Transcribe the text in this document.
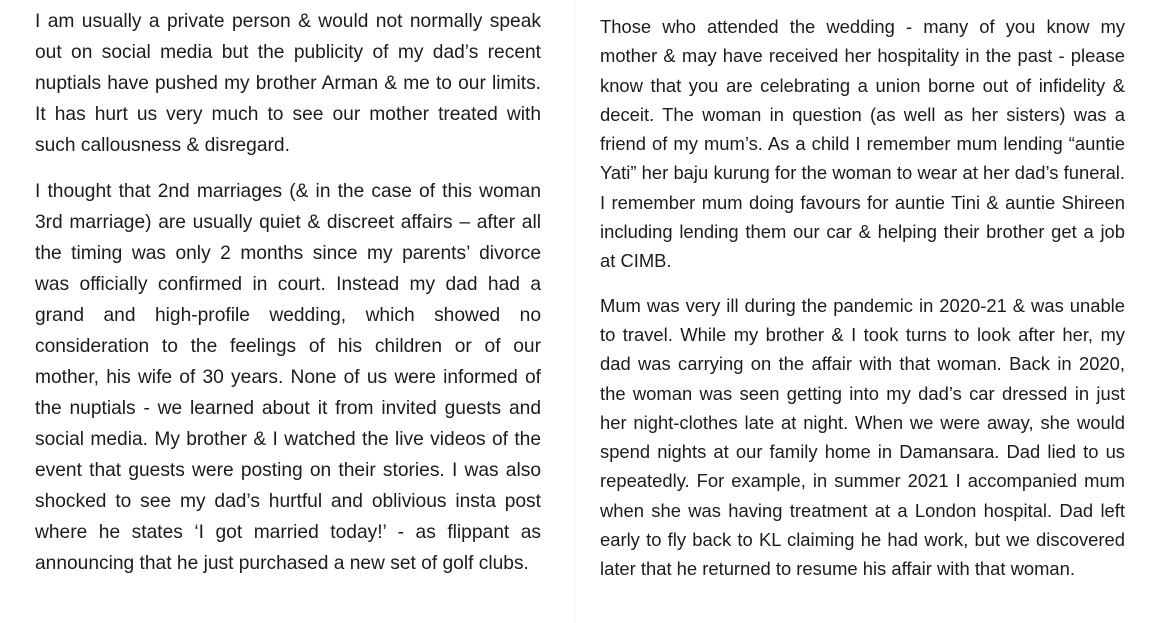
I am usually a private person & would not normally speak out on social media but the publicity of my dad’s recent nuptials have pushed my brother Arman & me to our limits. It has hurt us very much to see our mother treated with such callousness & disregard.

I thought that 2nd marriages (& in the case of this woman 3rd marriage) are usually quiet & discreet affairs – after all the timing was only 2 months since my parents’ divorce was officially confirmed in court. Instead my dad had a grand and high-profile wedding, which showed no consideration to the feelings of his children or of our mother, his wife of 30 years. None of us were informed of the nuptials - we learned about it from invited guests and social media. My brother & I watched the live videos of the event that guests were posting on their stories. I was also shocked to see my dad’s hurtful and oblivious insta post where he states ‘I got married today!’ - as flippant as announcing that he just purchased a new set of golf clubs.

Those who attended the wedding - many of you know my mother & may have received her hospitality in the past - please know that you are celebrating a union borne out of infidelity & deceit. The woman in question (as well as her sisters) was a friend of my mum’s. As a child I remember mum lending “auntie Yati” her baju kurung for the woman to wear at her dad’s funeral. I remember mum doing favours for auntie Tini & auntie Shireen including lending them our car & helping their brother get a job at CIMB.

Mum was very ill during the pandemic in 2020-21 & was unable to travel. While my brother & I took turns to look after her, my dad was carrying on the affair with that woman. Back in 2020, the woman was seen getting into my dad’s car dressed in just her night-clothes late at night. When we were away, she would spend nights at our family home in Damansara. Dad lied to us repeatedly. For example, in summer 2021 I accompanied mum when she was having treatment at a London hospital. Dad left early to fly back to KL claiming he had work, but we discovered later that he returned to resume his affair with that woman.
